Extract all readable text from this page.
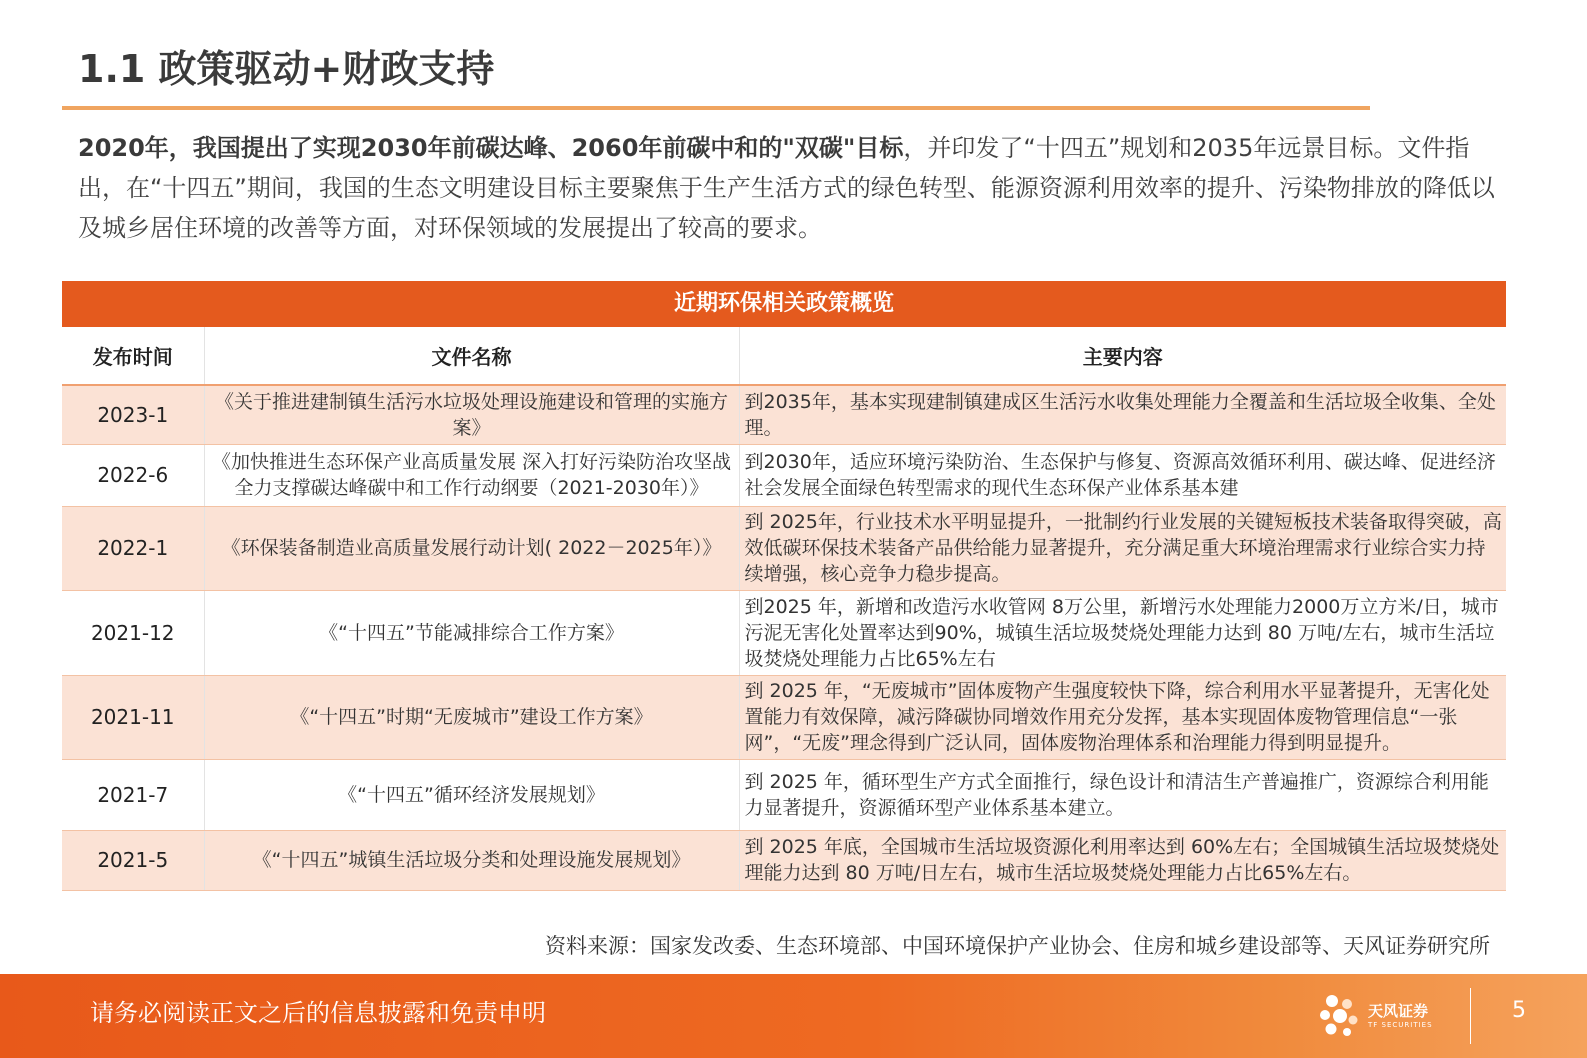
1.1 政策驱动+财政支持
2020年，我国提出了实现2030年前碳达峰、2060年前碳中和的"双碳"目标，并印发了“十四五”规划和2035年远景目标。文件指出，在“十四五”期间，我国的生态文明建设目标主要聚焦于生产生活方式的绿色转型、能源资源利用效率的提升、污染物排放的降低以及城乡居住环境的改善等方面，对环保领域的发展提出了较高的要求。
近期环保相关政策概览
发布时间	文件名称	主要内容
2023-1	《关于推进建制镇生活污水垃圾处理设施建设和管理的实施方案》	到2035年，基本实现建制镇建成区生活污水收集处理能力全覆盖和生活垃圾全收集、全处理。
2022-6	《加快推进生态环保产业高质量发展 深入打好污染防治攻坚战全力支撑碳达峰碳中和工作行动纲要（2021-2030年）》	到2030年，适应环境污染防治、生态保护与修复、资源高效循环利用、碳达峰、促进经济社会发展全面绿色转型需求的现代生态环保产业体系基本建
2022-1	《环保装备制造业高质量发展行动计划( 2022－2025年）》	到 2025年，行业技术水平明显提升，一批制约行业发展的关键短板技术装备取得突破，高效低碳环保技术装备产品供给能力显著提升，充分满足重大环境治理需求行业综合实力持续增强，核心竞争力稳步提高。
2021-12	《“十四五”节能减排综合工作方案》	到2025 年，新增和改造污水收管网 8万公里，新增污水处理能力2000万立方米/日，城市污泥无害化处置率达到90%，城镇生活垃圾焚烧处理能力达到 80 万吨/左右，城市生活垃圾焚烧处理能力占比65%左右
2021-11	《“十四五”时期“无废城市”建设工作方案》	到 2025 年，“无废城市”固体废物产生强度较快下降，综合利用水平显著提升，无害化处置能力有效保障，减污降碳协同增效作用充分发挥，基本实现固体废物管理信息“一张网”，“无废”理念得到广泛认同，固体废物治理体系和治理能力得到明显提升。
2021-7	《“十四五”循环经济发展规划》	到 2025 年，循环型生产方式全面推行，绿色设计和清洁生产普遍推广，资源综合利用能力显著提升，资源循环型产业体系基本建立。
2021-5	《“十四五”城镇生活垃圾分类和处理设施发展规划》	到 2025 年底，全国城市生活垃圾资源化利用率达到 60%左右；全国城镇生活垃圾焚烧处理能力达到 80 万吨/日左右，城市生活垃圾焚烧处理能力占比65%左右。
资料来源：国家发改委、生态环境部、中国环境保护产业协会、住房和城乡建设部等、天风证券研究所
请务必阅读正文之后的信息披露和免责申明	天风证券
TF SECURITIES
5
